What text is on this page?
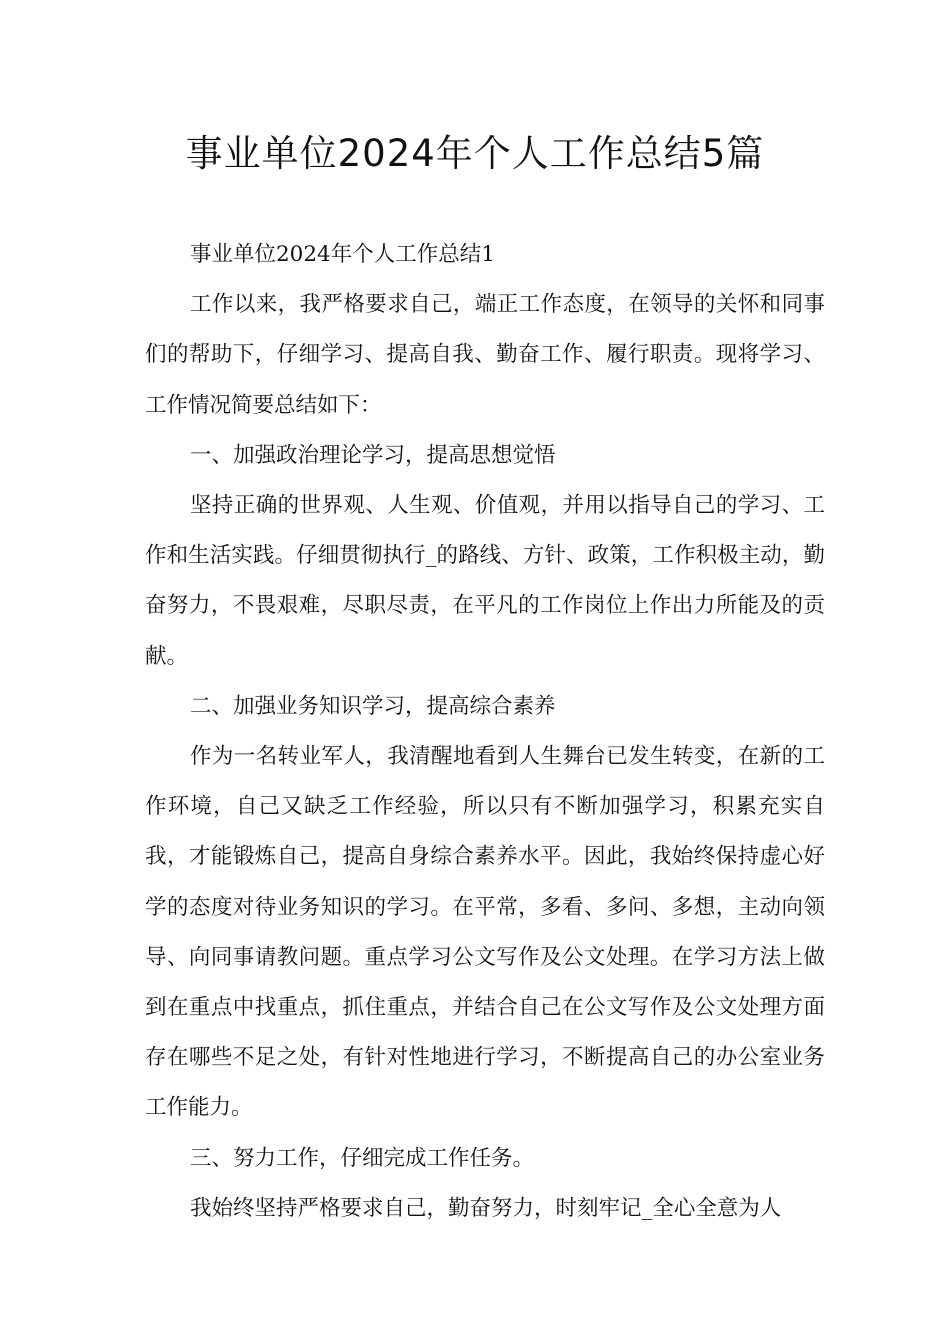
事业单位2024年个人工作总结5篇

事业单位2024年个人工作总结1

工作以来，我严格要求自己，端正工作态度，在领导的关怀和同事们的帮助下，仔细学习、提高自我、勤奋工作、履行职责。现将学习、工作情况简要总结如下：

一、加强政治理论学习，提高思想觉悟

坚持正确的世界观、人生观、价值观，并用以指导自己的学习、工作和生活实践。仔细贯彻执行_的路线、方针、政策，工作积极主动，勤奋努力，不畏艰难，尽职尽责，在平凡的工作岗位上作出力所能及的贡献。

二、加强业务知识学习，提高综合素养

作为一名转业军人，我清醒地看到人生舞台已发生转变，在新的工作环境，自己又缺乏工作经验，所以只有不断加强学习，积累充实自我，才能锻炼自己，提高自身综合素养水平。因此，我始终保持虚心好学的态度对待业务知识的学习。在平常，多看、多问、多想，主动向领导、向同事请教问题。重点学习公文写作及公文处理。在学习方法上做到在重点中找重点，抓住重点，并结合自己在公文写作及公文处理方面存在哪些不足之处，有针对性地进行学习，不断提高自己的办公室业务工作能力。

三、努力工作，仔细完成工作任务。

我始终坚持严格要求自己，勤奋努力，时刻牢记_全心全意为人
